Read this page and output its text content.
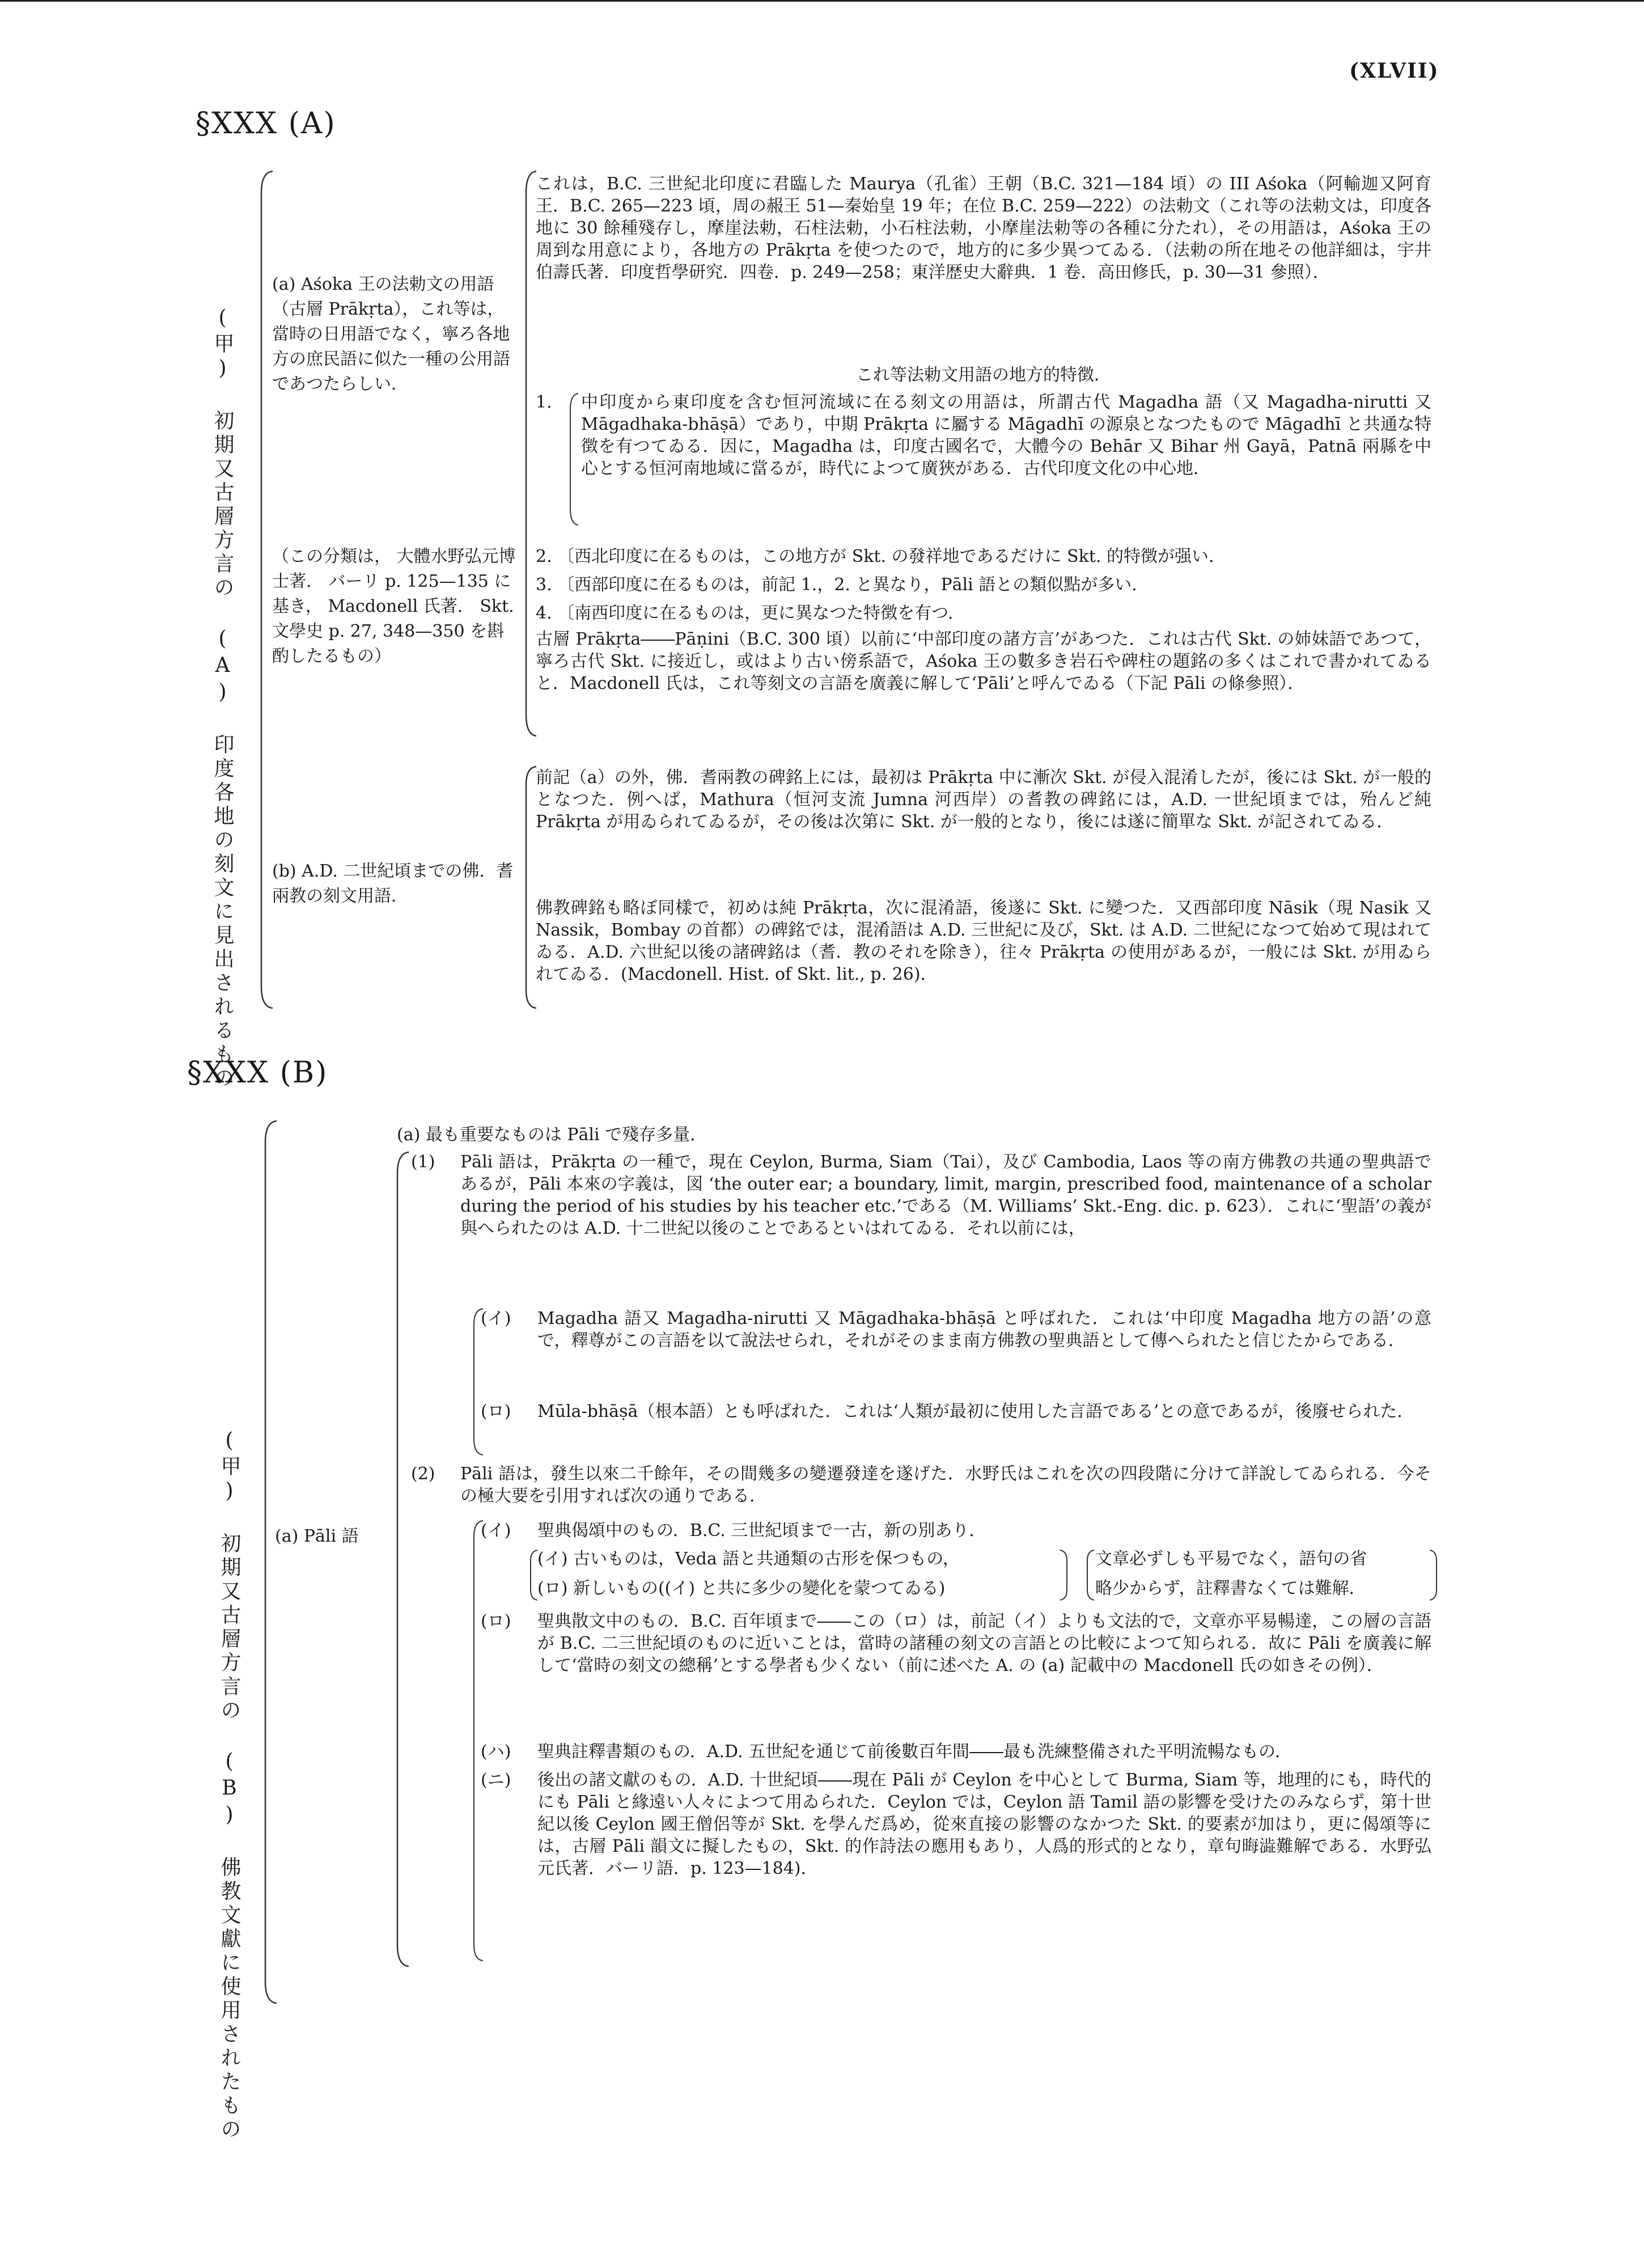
(XLVII)
§XXX (A)
(甲) 初期又古層方言の (A) 印度各地の刻文に見出されるもの
(a) Aśoka 王の法勅文の用語（古層 Prākṛta），これ等は，當時の日用語でなく，寧ろ各地方の庶民語に似た一種の公用語であつたらしい．
（この分類は， 大體水野弘元博士著． バーリ p. 125—135 に基き， Macdonell 氏著． Skt. 文學史 p. 27, 348—350 を斟酌したるもの）
(b) A.D. 二世紀頃までの佛．耆兩教の刻文用語．
これは，B.C. 三世紀北印度に君臨した Maurya（孔雀）王朝（B.C. 321—184 頃）の III Aśoka（阿輸迦又阿育王．B.C. 265—223 頃，周の赧王 51—秦始皇 19 年；在位 B.C. 259—222）の法勅文（これ等の法勅文は，印度各地に 30 餘種殘存し，摩崖法勅，石柱法勅，小石柱法勅，小摩崖法勅等の各種に分たれ），その用語は，Aśoka 王の周到な用意により，各地方の Prākṛta を使つたので，地方的に多少異つてゐる．（法勅の所在地その他詳細は，宇井伯壽氏著．印度哲學研究．四卷．p. 249—258；東洋歴史大辭典．1 卷．高田修氏，p. 30—31 參照）．
これ等法勅文用語の地方的特徴．
1. 中印度から東印度を含む恒河流域に在る刻文の用語は，所謂古代 Magadha 語（又 Magadha-nirutti 又 Māgadhaka-bhāṣā）であり，中期 Prākṛta に屬する Māgadhī の源泉となつたもので Māgadhī と共通な特徴を有つてゐる．因に，Magadha は，印度古國名で，大體今の Behār 又 Bihar 州 Gayā，Patnā 兩縣を中心とする恒河南地域に當るが，時代によつて廣狹がある．古代印度文化の中心地．
2. 〔西北印度に在るものは，この地方が Skt. の發祥地であるだけに Skt. 的特徴が强い．
3. 〔西部印度に在るものは，前記 1.，2. と異なり，Pāli 語との類似點が多い．
4. 〔南西印度に在るものは，更に異なつた特徴を有つ．
古層 Prākṛta――Pāṇini（B.C. 300 頃）以前に‘中部印度の諸方言’があつた．これは古代 Skt. の姉妹語であつて，寧ろ古代 Skt. に接近し，或はより古い傍系語で，Aśoka 王の數多き岩石や碑柱の題銘の多くはこれで書かれてゐると．Macdonell 氏は，これ等刻文の言語を廣義に解して‘Pāli’と呼んでゐる（下記 Pāli の條參照）．
前記（a）の外，佛．耆兩教の碑銘上には，最初は Prākṛta 中に漸次 Skt. が侵入混淆したが，後には Skt. が一般的となつた．例へば，Mathura（恒河支流 Jumna 河西岸）の耆教の碑銘には，A.D. 一世紀頃までは，殆んど純 Prākṛta が用ゐられてゐるが，その後は次第に Skt. が一般的となり，後には遂に簡單な Skt. が記されてゐる．
佛教碑銘も略ぼ同樣で，初めは純 Prākṛta，次に混淆語，後遂に Skt. に變つた．又西部印度 Nāsik（現 Nasik 又 Nassik，Bombay の首都）の碑銘では，混淆語は A.D. 三世紀に及び，Skt. は A.D. 二世紀になつて始めて現はれてゐる．A.D. 六世紀以後の諸碑銘は（耆．教のそれを除き），往々 Prākṛta の使用があるが，一般には Skt. が用ゐられてゐる．(Macdonell. Hist. of Skt. lit., p. 26)．
§XXX (B)
(甲) 初期又古層方言の (B) 佛教文獻に使用されたもの (a) Pāli 語
(a) 最も重要なものは Pāli で殘存多量．
(1) Pāli 語は，Prākṛta の一種で，現在 Ceylon, Burma, Siam（Tai），及び Cambodia, Laos 等の南方佛教の共通の聖典語であるが，Pāli 本來の字義は，図 ‘the outer ear; a boundary, limit, margin, prescribed food, maintenance of a scholar during the period of his studies by his teacher etc.’である（M. Williams’ Skt.-Eng. dic. p. 623）．これに‘聖語’の義が與へられたのは A.D. 十二世紀以後のことであるといはれてゐる．それ以前には，
(イ) Magadha 語又 Magadha-nirutti 又 Māgadhaka-bhāṣā と呼ばれた．これは‘中印度 Magadha 地方の語’の意で，釋尊がこの言語を以て說法せられ，それがそのまま南方佛教の聖典語として傳へられたと信じたからである．
(ロ) Mūla-bhāṣā（根本語）とも呼ばれた．これは‘人類が最初に使用した言語である’との意であるが，後廢せられた．
(2) Pāli 語は，發生以來二千餘年，その間幾多の變遷發達を遂げた．水野氏はこれを次の四段階に分けて詳說してゐられる．今その極大要を引用すれば次の通りである．
(イ) 聖典偈頌中のもの．B.C. 三世紀頃まで一古，新の別あり．
(イ) 古いものは，Veda 語と共通類の古形を保つもの，
(ロ) 新しいもの((イ) と共に多少の變化を蒙つてゐる)
文章必ずしも平易でなく，語句の省
略少からず，註釋書なくては難解．
(ロ) 聖典散文中のもの．B.C. 百年頃まで――この（ロ）は，前記（イ）よりも文法的で，文章亦平易暢達，この層の言語が B.C. 二三世紀頃のものに近いことは，當時の諸種の刻文の言語との比較によつて知られる．故に Pāli を廣義に解して‘當時の刻文の總稱’とする學者も少くない（前に述べた A. の (a) 記載中の Macdonell 氏の如きその例）．
(ハ) 聖典註釋書類のもの．A.D. 五世紀を通じて前後數百年間――最も洗練整備された平明流暢なもの．
(ニ) 後出の諸文獻のもの．A.D. 十世紀頃――現在 Pāli が Ceylon を中心として Burma, Siam 等，地理的にも，時代的にも Pāli と緣遠い人々によつて用ゐられた．Ceylon では，Ceylon 語 Tamil 語の影響を受けたのみならず，第十世紀以後 Ceylon 國王僧侶等が Skt. を學んだ爲め，從來直接の影響のなかつた Skt. 的要素が加はり，更に偈頌等には，古層 Pāli 韻文に擬したもの，Skt. 的作詩法の應用もあり，人爲的形式的となり，章句晦澁難解である．水野弘元氏著．バーリ語．p. 123—184)．
